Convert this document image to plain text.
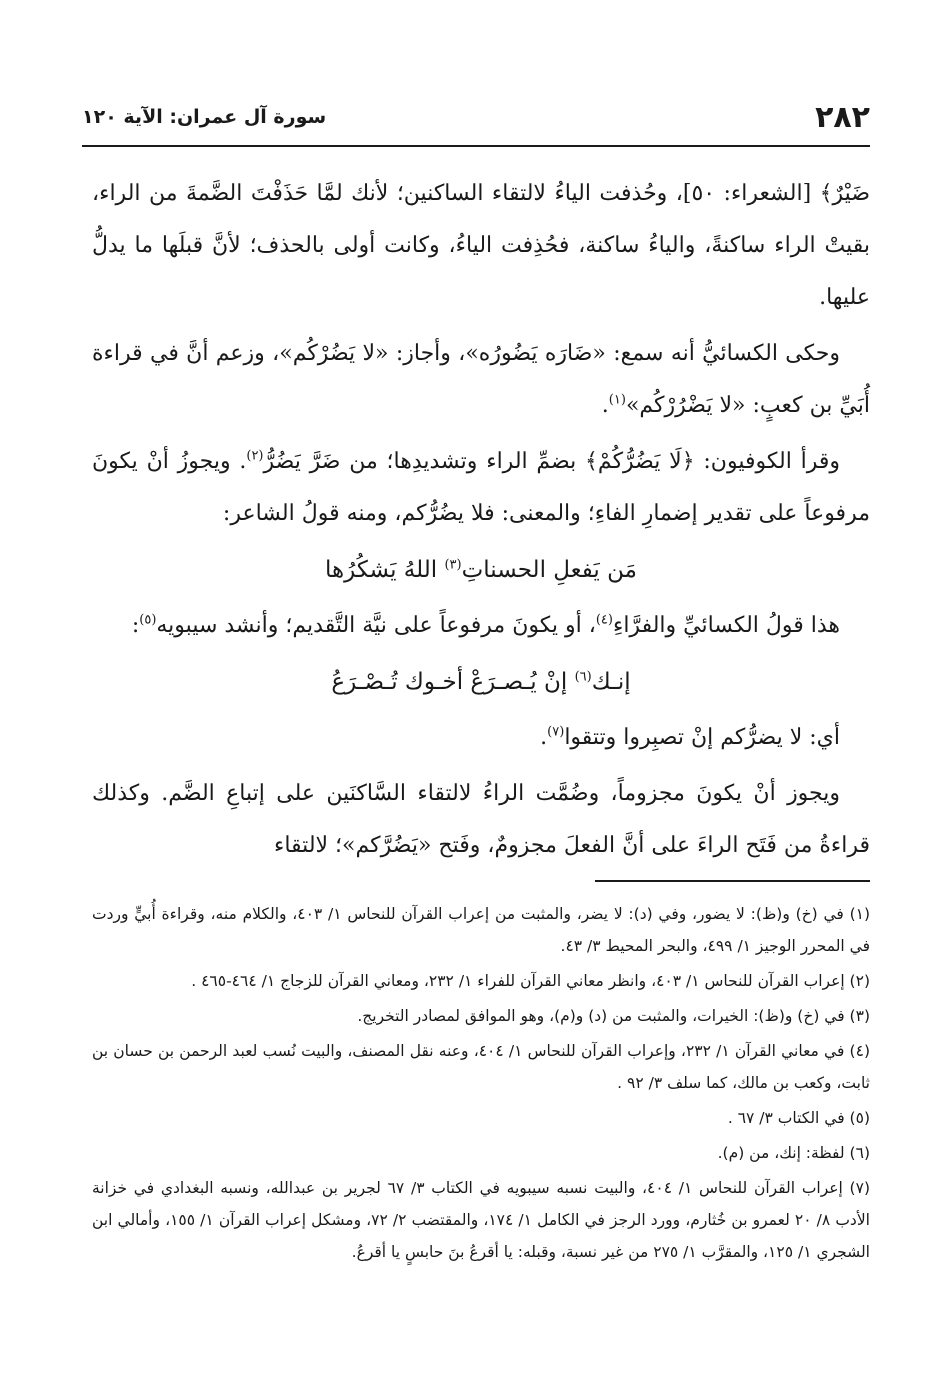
٢٨٢
سورة آل عمران: الآية ١٢٠

ضَيْرٌ﴾ [الشعراء: ٥٠]، وحُذفت الياءُ لالتقاء الساكنين؛ لأنك لمَّا حَذَفْتَ الضَّمةَ من الراء، بقيتْ الراء ساكنةً، والياءُ ساكنة، فحُذِفت الياءُ، وكانت أولى بالحذف؛ لأنَّ قبلَها ما يدلُّ عليها.

وحكى الكسائيُّ أنه سمع: «ضَارَه يَضُورُه»، وأجاز: «لا يَضُرْكُم»، وزعم أنَّ في قراءة أُبَيِّ بن كعبٍ: «لا يَضْرُرْكُم»$^{(١)}$.

وقرأ الكوفيون: ﴿لَا يَضُرُّكُمْ﴾ بضمِّ الراء وتشديدِها؛ من ضَرَّ يَضُرُّ$^{(٢)}$. ويجوزُ أنْ يكونَ مرفوعاً على تقدير إضمارِ الفاءِ؛ والمعنى: فلا يضُرُّكم، ومنه قولُ الشاعر:

مَن يَفعلِ الحسناتِ$^{(٣)}$ اللهُ يَشكُرُها

هذا قولُ الكسائيِّ والفرَّاءِ$^{(٤)}$، أو يكونَ مرفوعاً على نيَّة التَّقديم؛ وأنشد سيبويه$^{(٥)}$:

إنـك$^{(٦)}$ إنْ يُـصـرَعْ أخـوك تُـصْـرَعُ

أي: لا يضرُّكم إنْ تصبِروا وتتقوا$^{(٧)}$.

ويجوز أنْ يكونَ مجزوماً، وضُمَّت الراءُ لالتقاء السَّاكنَين على إتباعِ الضَّم. وكذلك قراءةُ من فَتَح الراءَ على أنَّ الفعلَ مجزومٌ، وفَتح «يَضُرَّكم»؛ لالتقاء

(١) في (خ) و(ظ): لا يضور، وفي (د): لا يضر، والمثبت من إعراب القرآن للنحاس ١/ ٤٠٣، والكلام منه، وقراءة أُبيٍّ وردت في المحرر الوجيز ١/ ٤٩٩، والبحر المحيط ٣/ ٤٣.

(٢) إعراب القرآن للنحاس ١/ ٤٠٣، وانظر معاني القرآن للفراء ١/ ٢٣٢، ومعاني القرآن للزجاج ١/ ٤٦٤-٤٦٥ .

(٣) في (خ) و(ظ): الخيرات، والمثبت من (د) و(م)، وهو الموافق لمصادر التخريج.

(٤) في معاني القرآن ١/ ٢٣٢، وإعراب القرآن للنحاس ١/ ٤٠٤، وعنه نقل المصنف، والبيت نُسب لعبد الرحمن بن حسان بن ثابت، وكعب بن مالك، كما سلف ٣/ ٩٢ .

(٥) في الكتاب ٣/ ٦٧ .

(٦) لفظة: إنك، من (م).

(٧) إعراب القرآن للنحاس ١/ ٤٠٤، والبيت نسبه سيبويه في الكتاب ٣/ ٦٧ لجرير بن عبدالله، ونسبه البغدادي في خزانة الأدب ٨/ ٢٠ لعمرو بن خُثارم، وورد الرجز في الكامل ١/ ١٧٤، والمقتضب ٢/ ٧٢، ومشكل إعراب القرآن ١/ ١٥٥، وأمالي ابن الشجري ١/ ١٢٥، والمقرَّب ١/ ٢٧٥ من غير نسبة، وقبله: يا أقرعُ بنَ حابسٍ يا أقرعُ.
